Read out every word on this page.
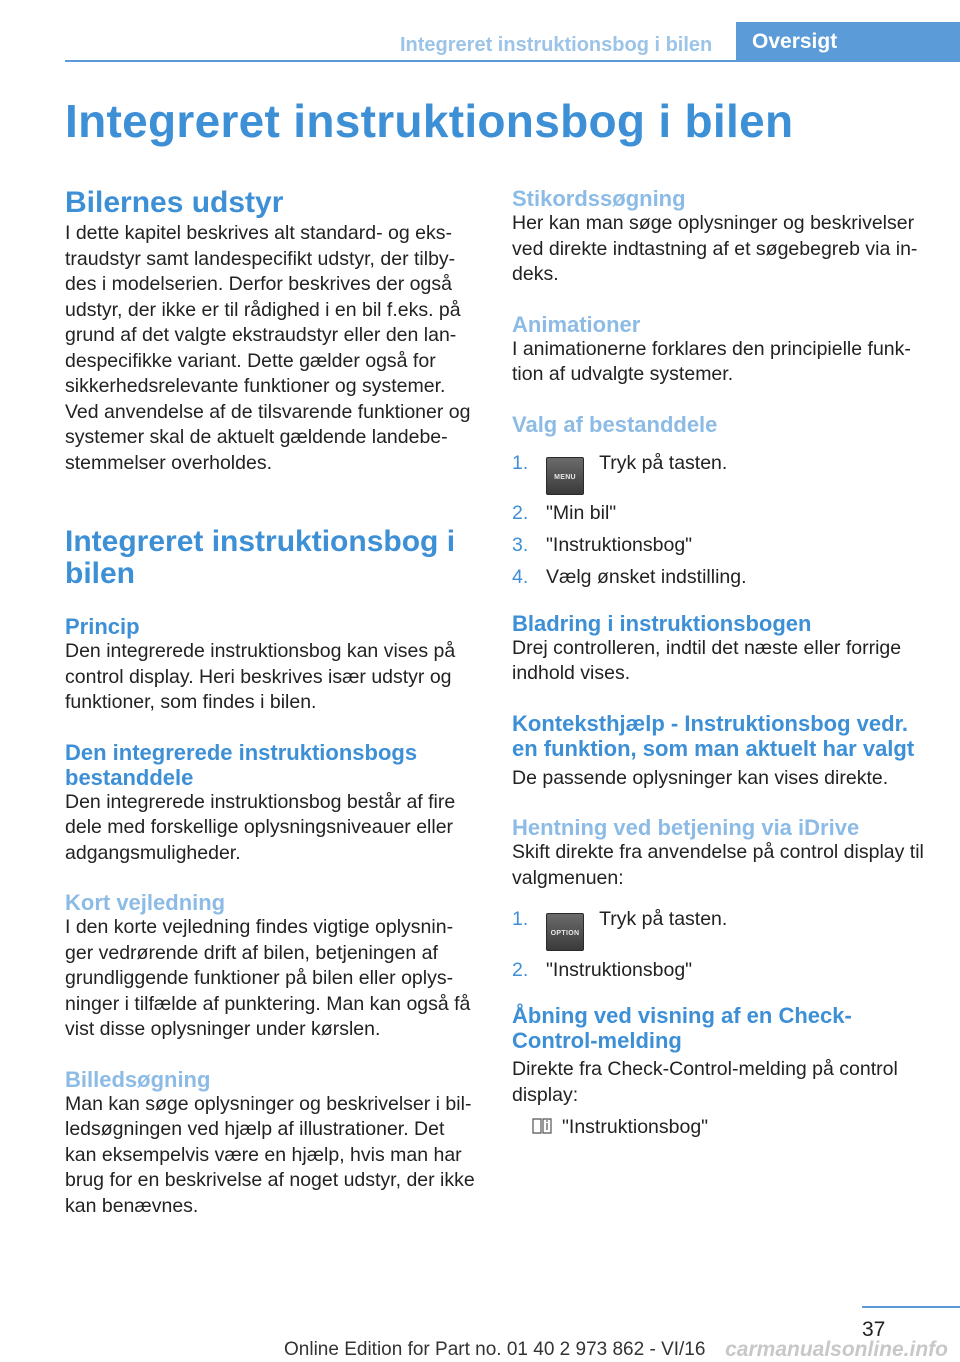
Integreret instruktionsbog i bilen	Oversigt
Integreret instruktionsbog i bilen
Bilernes udstyr

I dette kapitel beskrives alt standard- og eks-traudstyr samt landespecifikt udstyr, der tilby-des i modelserien. Derfor beskrives der også udstyr, der ikke er til rådighed i en bil f.eks. på grund af det valgte ekstraudstyr eller den lan-despecifikke variant. Dette gælder også for sikkerhedsrelevante funktioner og systemer. Ved anvendelse af de tilsvarende funktioner og systemer skal de aktuelt gældende landebe-stemmelser overholdes.

Integreret instruktionsbog i bilen
Princip

Den integrerede instruktionsbog kan vises på control display. Heri beskrives især udstyr og funktioner, som findes i bilen.

Den integrerede instruktionsbogs bestanddele

Den integrerede instruktionsbog består af fire dele med forskellige oplysningsniveauer eller adgangsmuligheder.

Kort vejledning

I den korte vejledning findes vigtige oplysnin-ger vedrørende drift af bilen, betjeningen af grundliggende funktioner på bilen eller oplys-ninger i tilfælde af punktering. Man kan også få vist disse oplysninger under kørslen.

Billedsøgning

Man kan søge oplysninger og beskrivelser i bil-ledsøgningen ved hjælp af illustrationer. Det kan eksempelvis være en hjælp, hvis man har brug for en beskrivelse af noget udstyr, der ikke kan benævnes.

Stikordssøgning

Her kan man søge oplysninger og beskrivelser ved direkte indtastning af et søgebegreb via in-deks.

Animationer

I animationerne forklares den principielle funk-tion af udvalgte systemer.

Valg af bestanddele
1.
MENU Tryk på tasten.
2. "Min bil"
3. "Instruktionsbog"
4. Vælg ønsket indstilling.
Bladring i instruktionsbogen

Drej controlleren, indtil det næste eller forrige indhold vises.

Konteksthjælp - Instruktionsbog vedr. en funktion, som man aktuelt har valgt

De passende oplysninger kan vises direkte.

Hentning ved betjening via iDrive

Skift direkte fra anvendelse på control display til valgmenuen:

1.
OPTION Tryk på tasten.
2. "Instruktionsbog"
Åbning ved visning af en Check-Control-melding

Direkte fra Check-Control-melding på control display:

"Instruktionsbog"
37
Online Edition for Part no. 01 40 2 973 862 - VI/16 carmanualsonline.info
